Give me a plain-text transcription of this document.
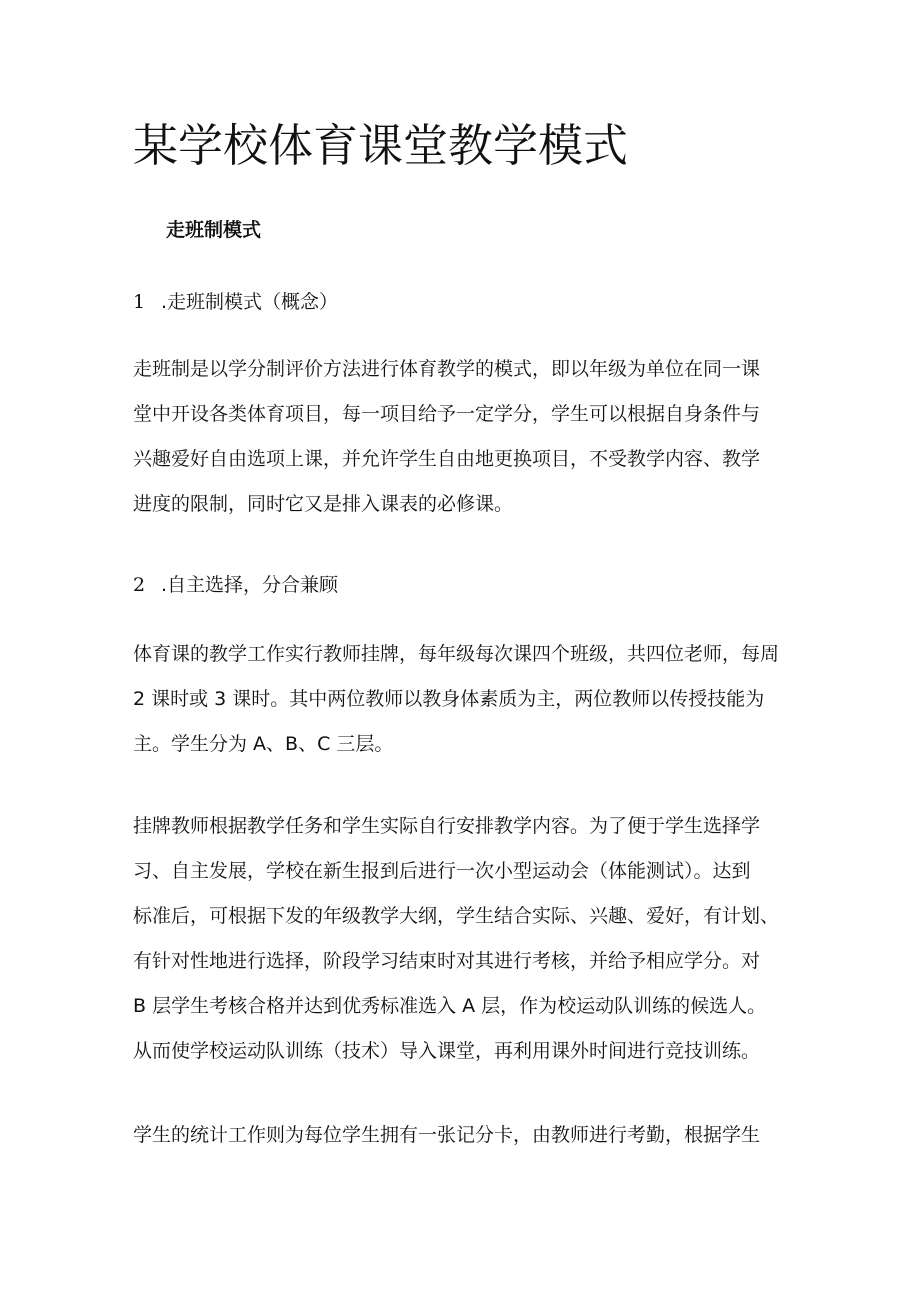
某学校体育课堂教学模式
走班制模式

1 .走班制模式（概念）

走班制是以学分制评价方法进行体育教学的模式，即以年级为单位在同一课
堂中开设各类体育项目，每一项目给予一定学分，学生可以根据自身条件与
兴趣爱好自由选项上课，并允许学生自由地更换项目，不受教学内容、教学
进度的限制，同时它又是排入课表的必修课。

2 .自主选择，分合兼顾

体育课的教学工作实行教师挂牌，每年级每次课四个班级，共四位老师，每周
2 课时或 3 课时。其中两位教师以教身体素质为主，两位教师以传授技能为
主。学生分为 A、B、C 三层。
挂牌教师根据教学任务和学生实际自行安排教学内容。为了便于学生选择学
习、自主发展，学校在新生报到后进行一次小型运动会（体能测试）。达到
标准后，可根据下发的年级教学大纲，学生结合实际、兴趣、爱好，有计划、
有针对性地进行选择，阶段学习结束时对其进行考核，并给予相应学分。对
B 层学生考核合格并达到优秀标准选入 A 层，作为校运动队训练的候选人。
从而使学校运动队训练（技术）导入课堂，再利用课外时间进行竞技训练。
学生的统计工作则为每位学生拥有一张记分卡，由教师进行考勤，根据学生
